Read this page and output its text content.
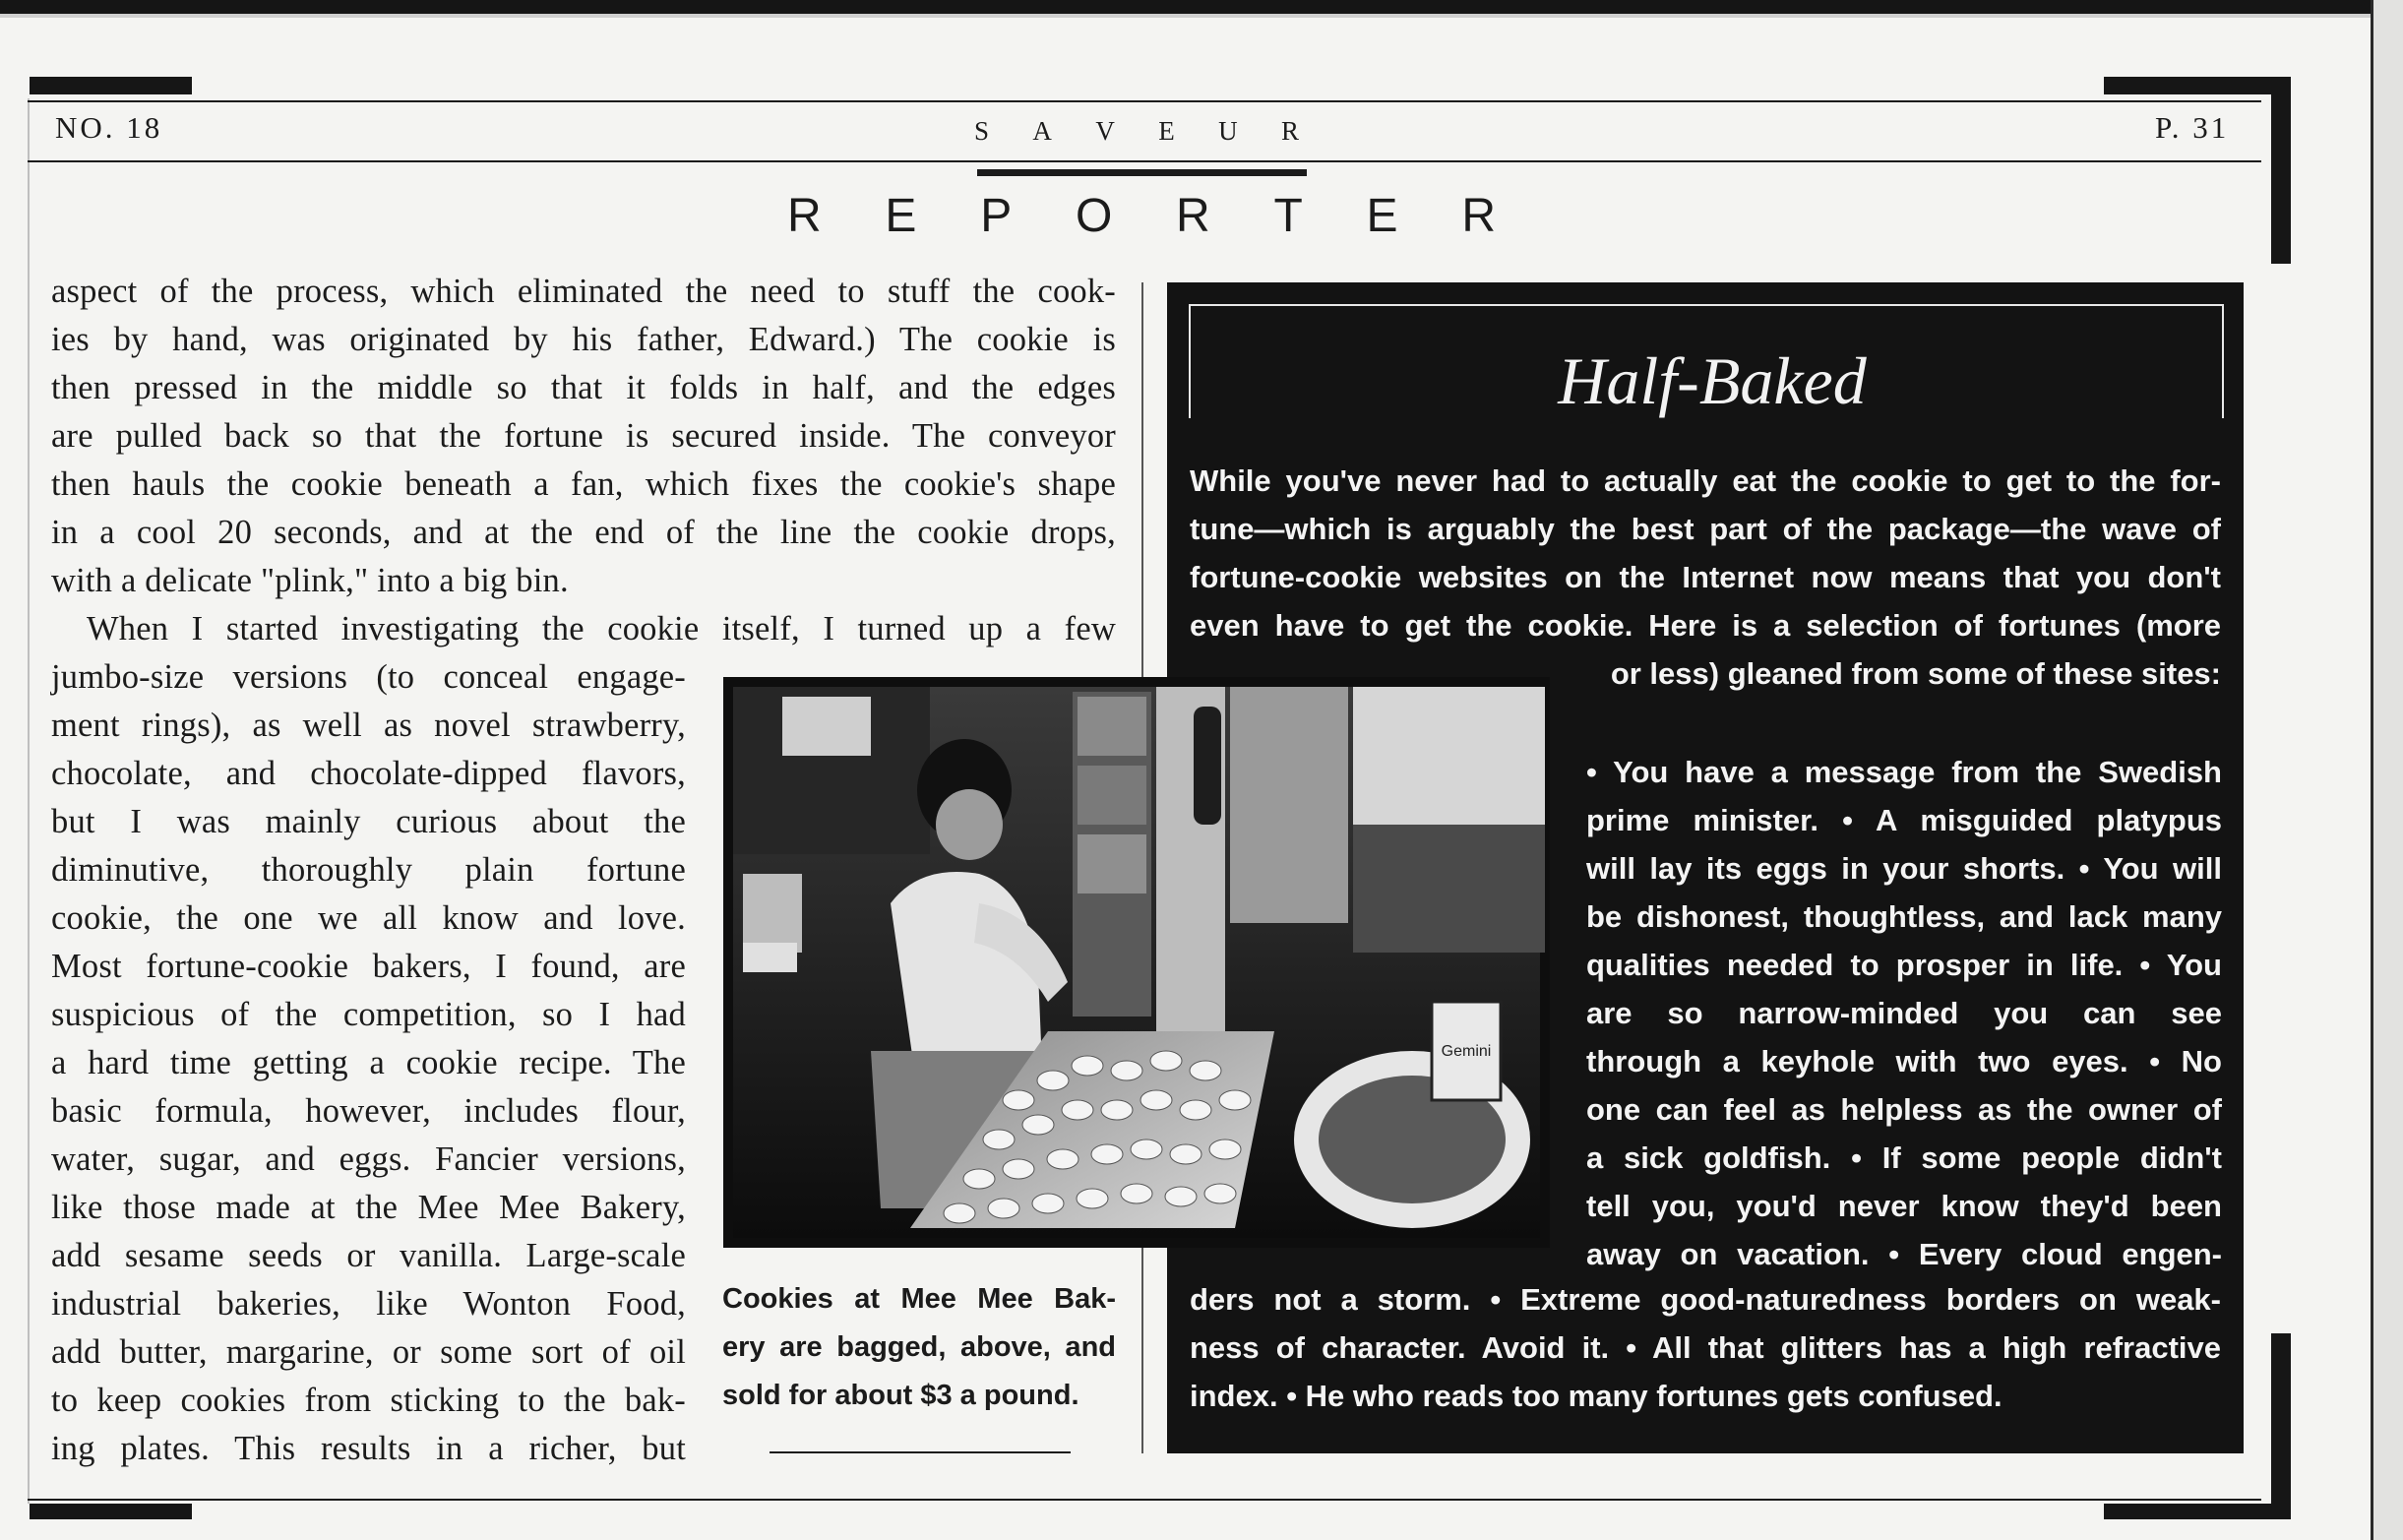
NO. 18	S A V E U R	P. 31
R E P O R T E R

aspect of the process, which eliminated the need to stuff the cook-

ies by hand, was originated by his father, Edward.) The cookie is

then pressed in the middle so that it folds in half, and the edges

are pulled back so that the fortune is secured inside. The conveyor

then hauls the cookie beneath a fan, which fixes the cookie's shape

in a cool 20 seconds, and at the end of the line the cookie drops,

with a delicate "plink," into a big bin.

When I started investigating the cookie itself, I turned up a few

jumbo-size versions (to conceal engage-

ment rings), as well as novel strawberry,

chocolate, and chocolate-dipped flavors,

but I was mainly curious about the

diminutive, thoroughly plain fortune

cookie, the one we all know and love.

Most fortune-cookie bakers, I found, are

suspicious of the competition, so I had

a hard time getting a cookie recipe. The

basic formula, however, includes flour,

water, sugar, and eggs. Fancier versions,

like those made at the Mee Mee Bakery,

add sesame seeds or vanilla. Large-scale

industrial bakeries, like Wonton Food,

add butter, margarine, or some sort of oil

to keep cookies from sticking to the bak-

ing plates. This results in a richer, but

Half-Baked

While you've never had to actually eat the cookie to get to the for-

tune—which is arguably the best part of the package—the wave of

fortune-cookie websites on the Internet now means that you don't

even have to get the cookie. Here is a selection of fortunes (more

or less) gleaned from some of these sites:

• You have a message from the Swedish

prime minister. • A misguided platypus

will lay its eggs in your shorts. • You will

be dishonest, thoughtless, and lack many

qualities needed to prosper in life. • You

are so narrow-minded you can see

through a keyhole with two eyes. • No

one can feel as helpless as the owner of

a sick goldfish. • If some people didn't

tell you, you'd never know they'd been

away on vacation. • Every cloud engen-

ders not a storm. • Extreme good-naturedness borders on weak-

ness of character. Avoid it. • All that glitters has a high refractive

index. • He who reads too many fortunes gets confused.

Gemini

Cookies at Mee Mee Bak-

ery are bagged, above, and

sold for about $3 a pound.
